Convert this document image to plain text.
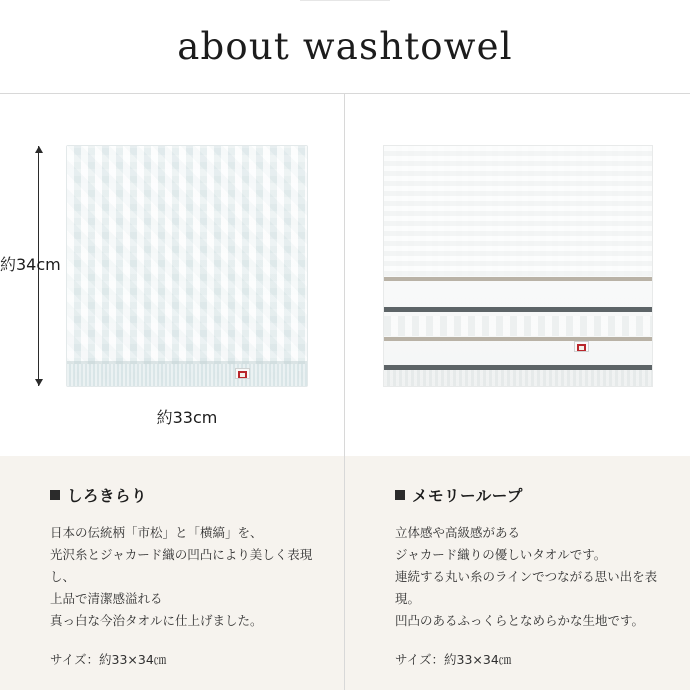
about washtowel
約34cm
約33cm
しろきらり
日本の伝統柄「市松」と「横縞」を、
光沢糸とジャカード織の凹凸により美しく表現し、
上品で清潔感溢れる
真っ白な今治タオルに仕上げました。
サイズ：約33×34㎝
メモリーループ
立体感や高級感がある
ジャカード織りの優しいタオルです。
連続する丸い糸のラインでつながる思い出を表現。
凹凸のあるふっくらとなめらかな生地です。
サイズ：約33×34㎝
